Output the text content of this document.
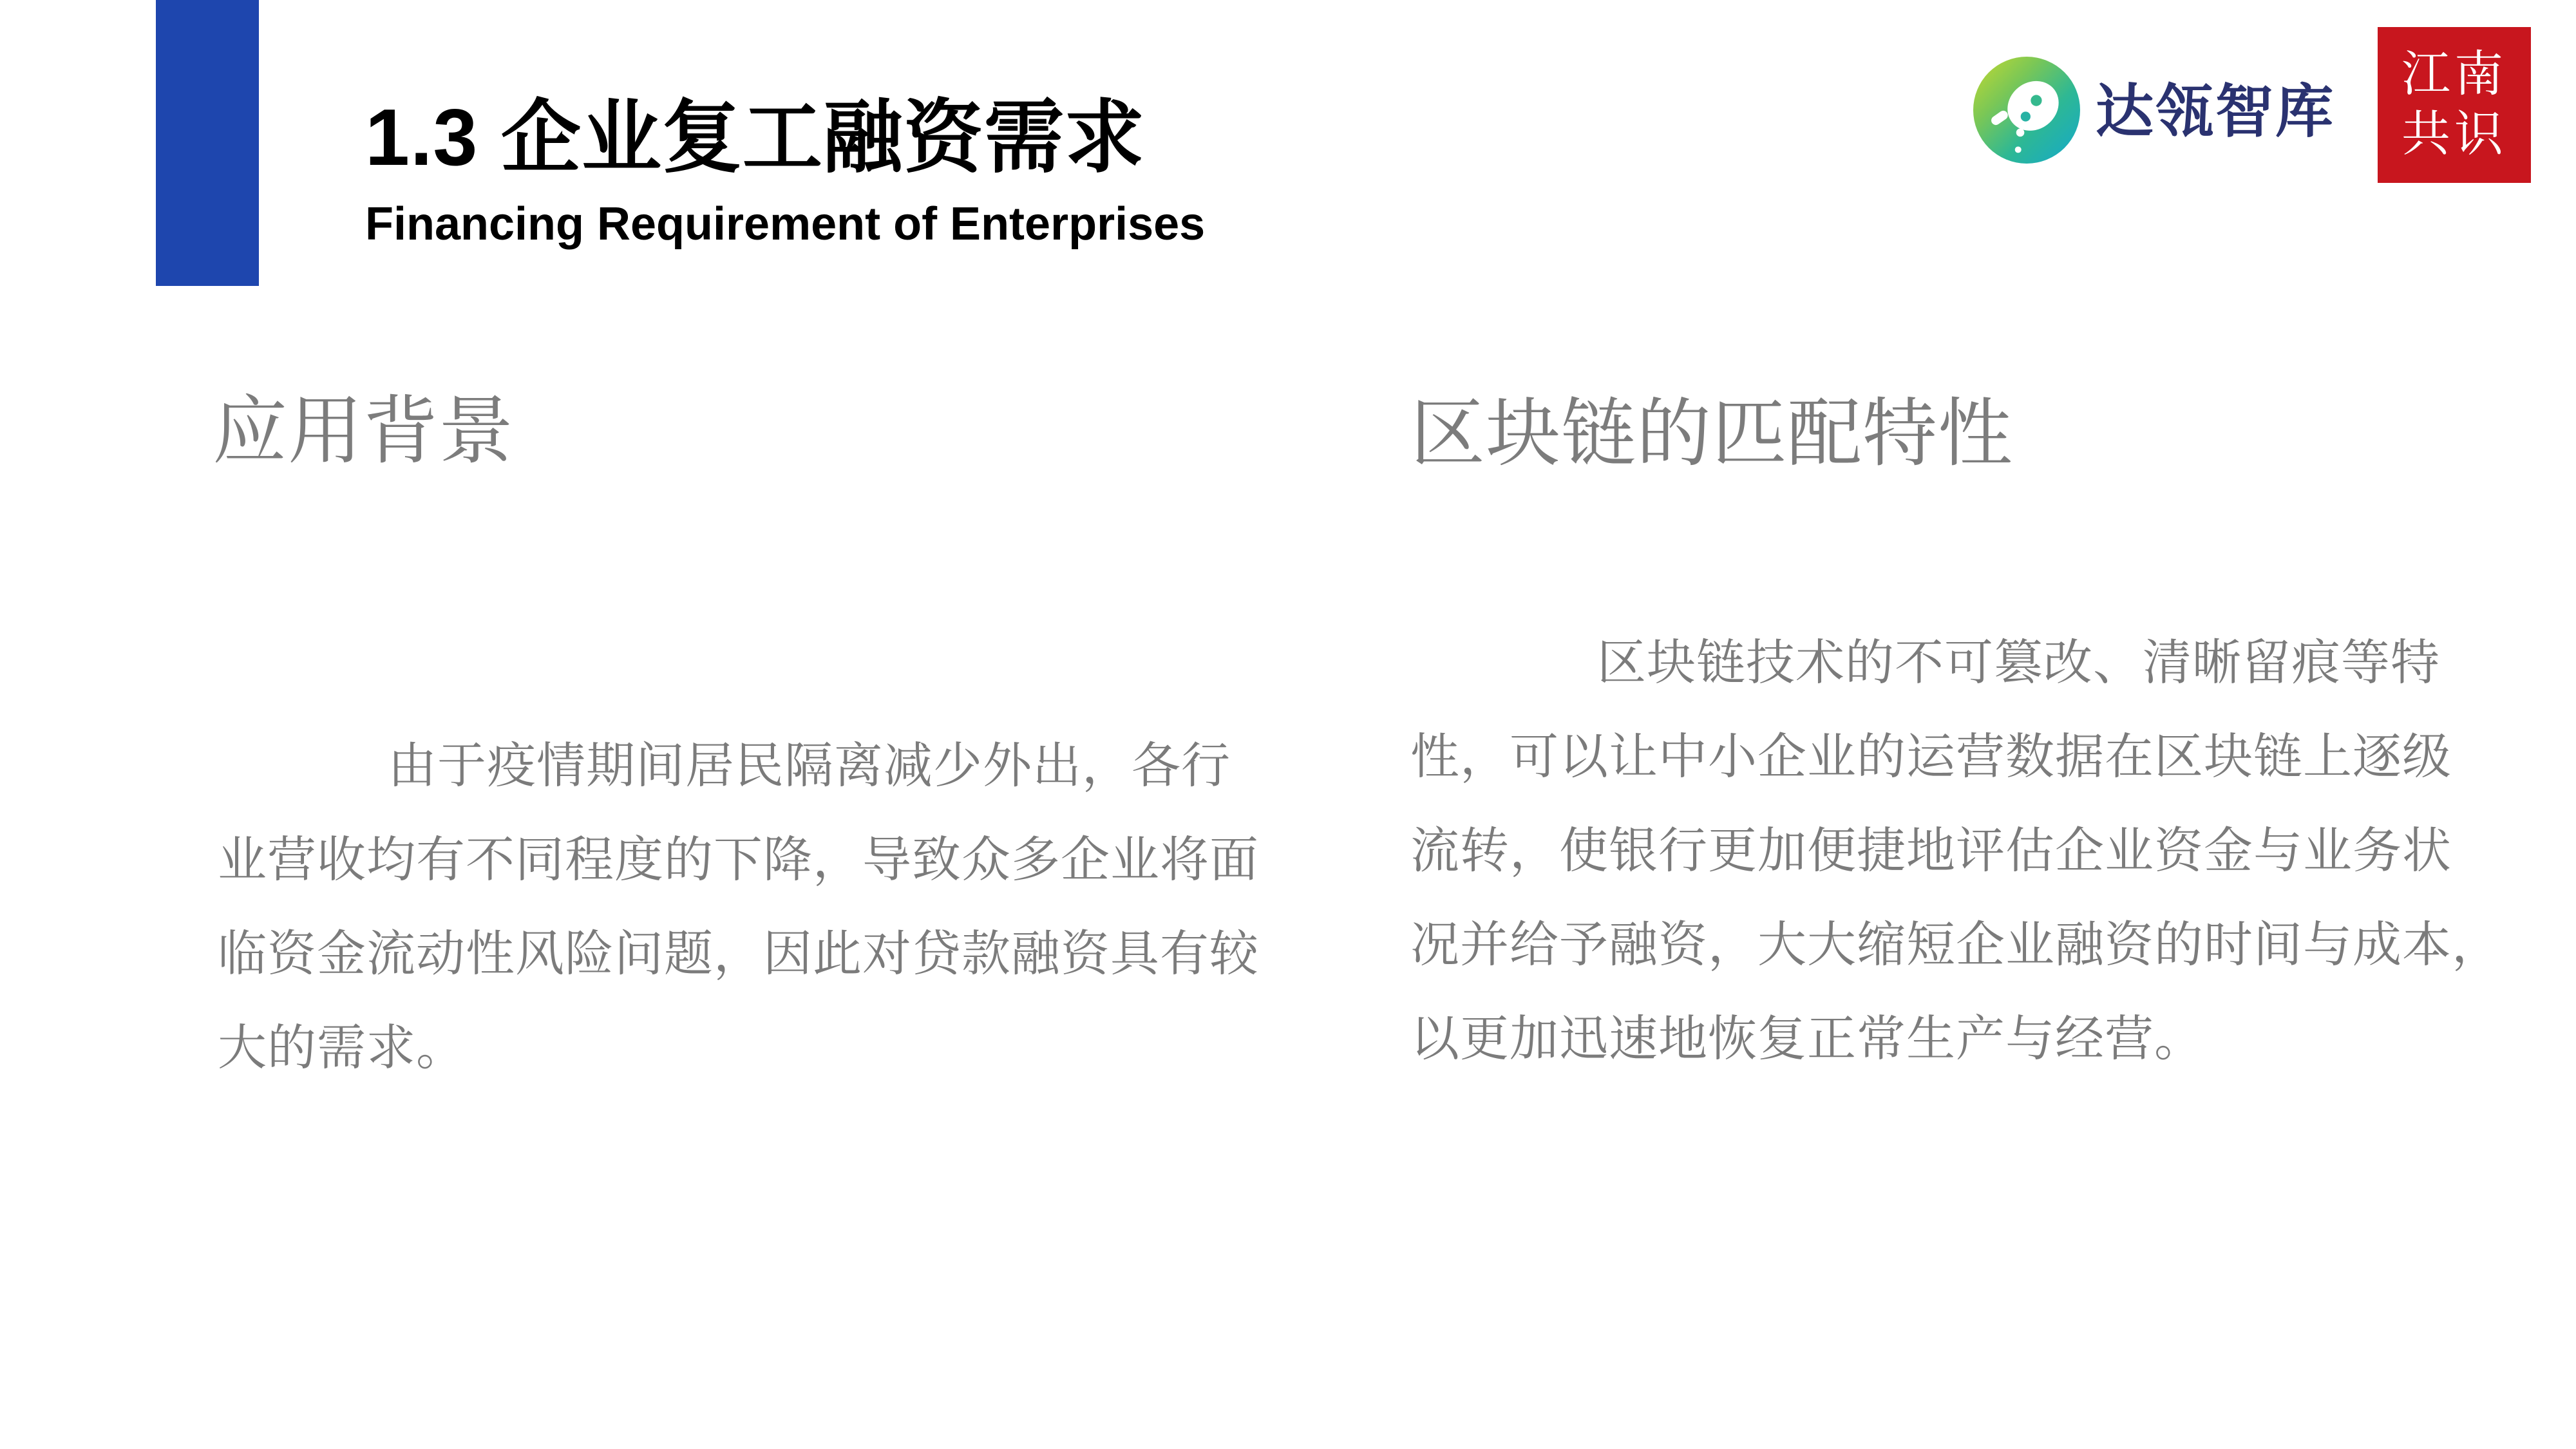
1.3 企业复工融资需求
Financing Requirement of Enterprises
达瓴智库
江南
共识
应用背景	区块链的匹配特性
由于疫情期间居民隔离减少外出，各行
业营收均有不同程度的下降，导致众多企业将面
临资金流动性风险问题，因此对贷款融资具有较
大的需求。
区块链技术的不可篡改、清晰留痕等特
性，可以让中小企业的运营数据在区块链上逐级
流转，使银行更加便捷地评估企业资金与业务状
况并给予融资，大大缩短企业融资的时间与成本，
以更加迅速地恢复正常生产与经营。
